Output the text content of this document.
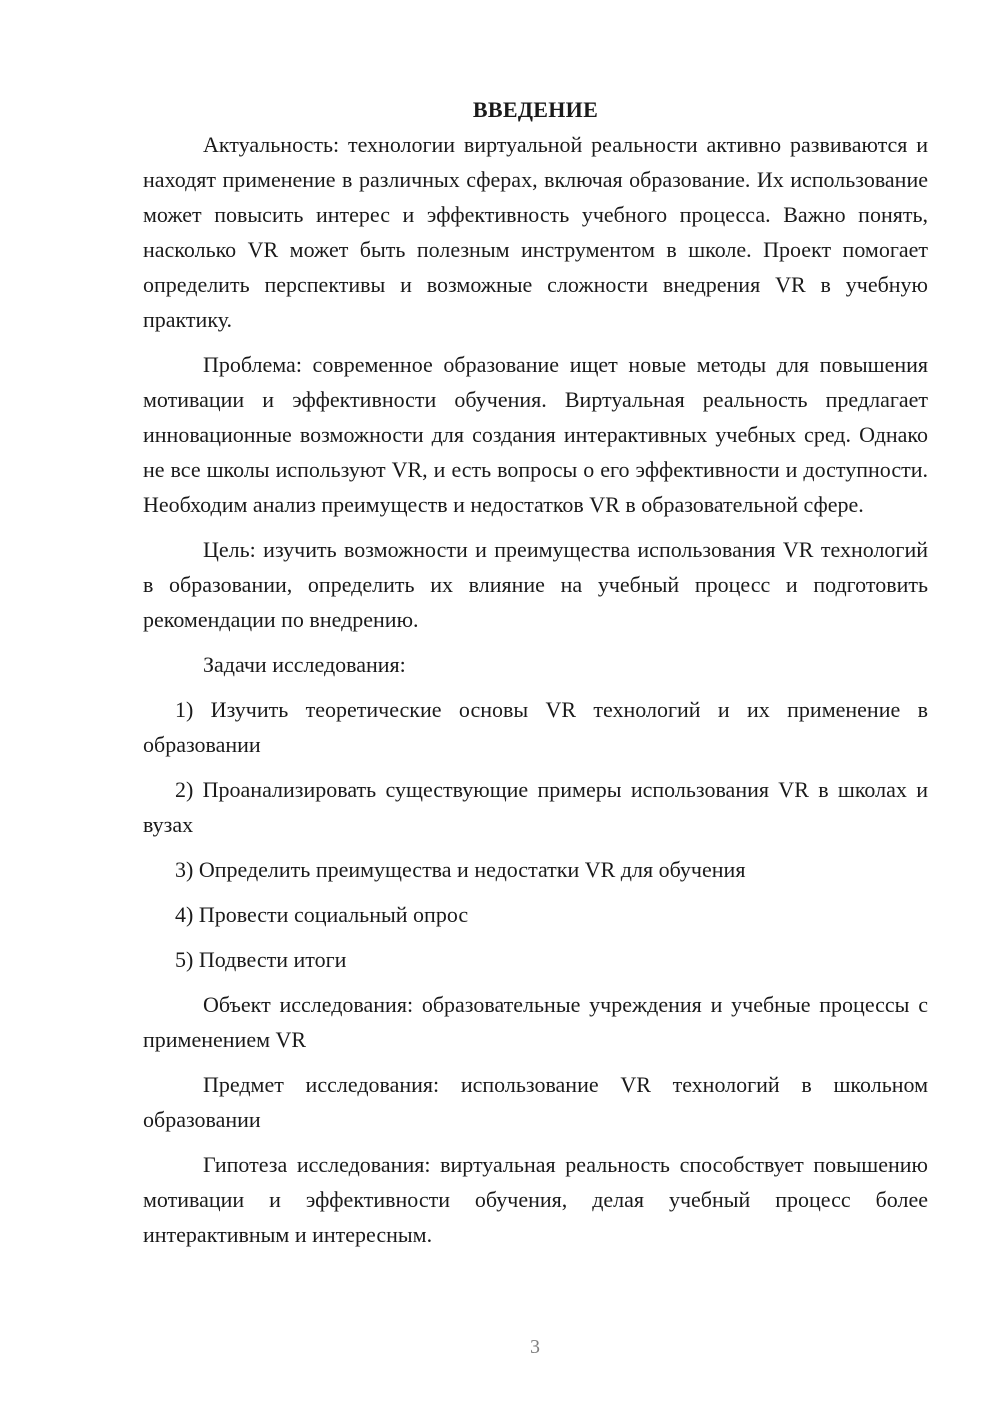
ВВЕДЕНИЕ

Актуальность: технологии виртуальной реальности активно развиваются и находят применение в различных сферах, включая образование. Их использование может повысить интерес и эффективность учебного процесса. Важно понять, насколько VR может быть полезным инструментом в школе. Проект помогает определить перспективы и возможные сложности внедрения VR в учебную практику.

Проблема: современное образование ищет новые методы для повышения мотивации и эффективности обучения. Виртуальная реальность предлагает инновационные возможности для создания интерактивных учебных сред. Однако не все школы используют VR, и есть вопросы о его эффективности и доступности. Необходим анализ преимуществ и недостатков VR в образовательной сфере.

Цель: изучить возможности и преимущества использования VR технологий в образовании, определить их влияние на учебный процесс и подготовить рекомендации по внедрению.

Задачи исследования:

1) Изучить теоретические основы VR технологий и их применение в образовании

2) Проанализировать существующие примеры использования VR в школах и вузах

3) Определить преимущества и недостатки VR для обучения

4) Провести социальный опрос

5) Подвести итоги

Объект исследования: образовательные учреждения и учебные процессы с применением VR

Предмет исследования: использование VR технологий в школьном образовании

Гипотеза исследования: виртуальная реальность способствует повышению мотивации и эффективности обучения, делая учебный процесс более интерактивным и интересным.

3
